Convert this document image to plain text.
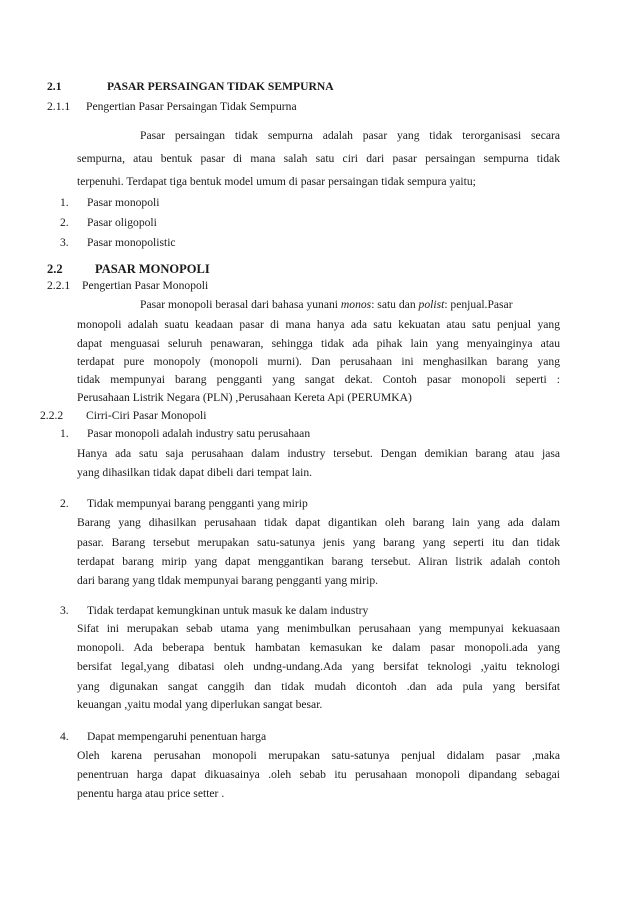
2.1	PASAR PERSAINGAN TIDAK SEMPURNA
2.1.1 Pengertian Pasar Persaingan Tidak Sempurna
Pasar persaingan tidak sempurna adalah pasar yang tidak terorganisasi secara
sempurna, atau bentuk pasar di mana salah satu ciri dari pasar persaingan sempurna tidak
terpenuhi. Terdapat tiga bentuk model umum di pasar persaingan tidak sempura yaitu;
1. Pasar monopoli
2. Pasar oligopoli
3. Pasar monopolistic
2.2	PASAR MONOPOLI
2.2.1 Pengertian Pasar Monopoli
Pasar monopoli berasal dari bahasa yunani monos: satu dan polist: penjual.Pasar
monopoli adalah suatu keadaan pasar di mana hanya ada satu kekuatan atau satu penjual yang
dapat menguasai seluruh penawaran, sehingga tidak ada pihak lain yang menyainginya atau
terdapat pure monopoly (monopoli murni). Dan perusahaan ini menghasilkan barang yang
tidak mempunyai barang pengganti yang sangat dekat. Contoh pasar monopoli seperti :
Perusahaan Listrik Negara (PLN) ,Perusahaan Kereta Api (PERUMKA)
2.2.2 Cirri-Ciri Pasar Monopoli
1. Pasar monopoli adalah industry satu perusahaan
Hanya ada satu saja perusahaan dalam industry tersebut. Dengan demikian barang atau jasa
yang dihasilkan tidak dapat dibeli dari tempat lain.
2. Tidak mempunyai barang pengganti yang mirip
Barang yang dihasilkan perusahaan tidak dapat digantikan oleh barang lain yang ada dalam
pasar. Barang tersebut merupakan satu-satunya jenis yang barang yang seperti itu dan tidak
terdapat barang mirip yang dapat menggantikan barang tersebut. Aliran listrik adalah contoh
dari barang yang tldak mempunyai barang pengganti yang mirip.
3. Tidak terdapat kemungkinan untuk masuk ke dalam industry
Sifat ini merupakan sebab utama yang menimbulkan perusahaan yang mempunyai kekuasaan
monopoli. Ada beberapa bentuk hambatan kemasukan ke dalam pasar monopoli.ada yang
bersifat legal,yang dibatasi oleh undng-undang.Ada yang bersifat teknologi ,yaitu teknologi
yang digunakan sangat canggih dan tidak mudah dicontoh .dan ada pula yang bersifat
keuangan ,yaitu modal yang diperlukan sangat besar.
4. Dapat mempengaruhi penentuan harga
Oleh karena perusahan monopoli merupakan satu-satunya penjual didalam pasar ,maka
penentruan harga dapat dikuasainya .oleh sebab itu perusahaan monopoli dipandang sebagai
penentu harga atau price setter .
